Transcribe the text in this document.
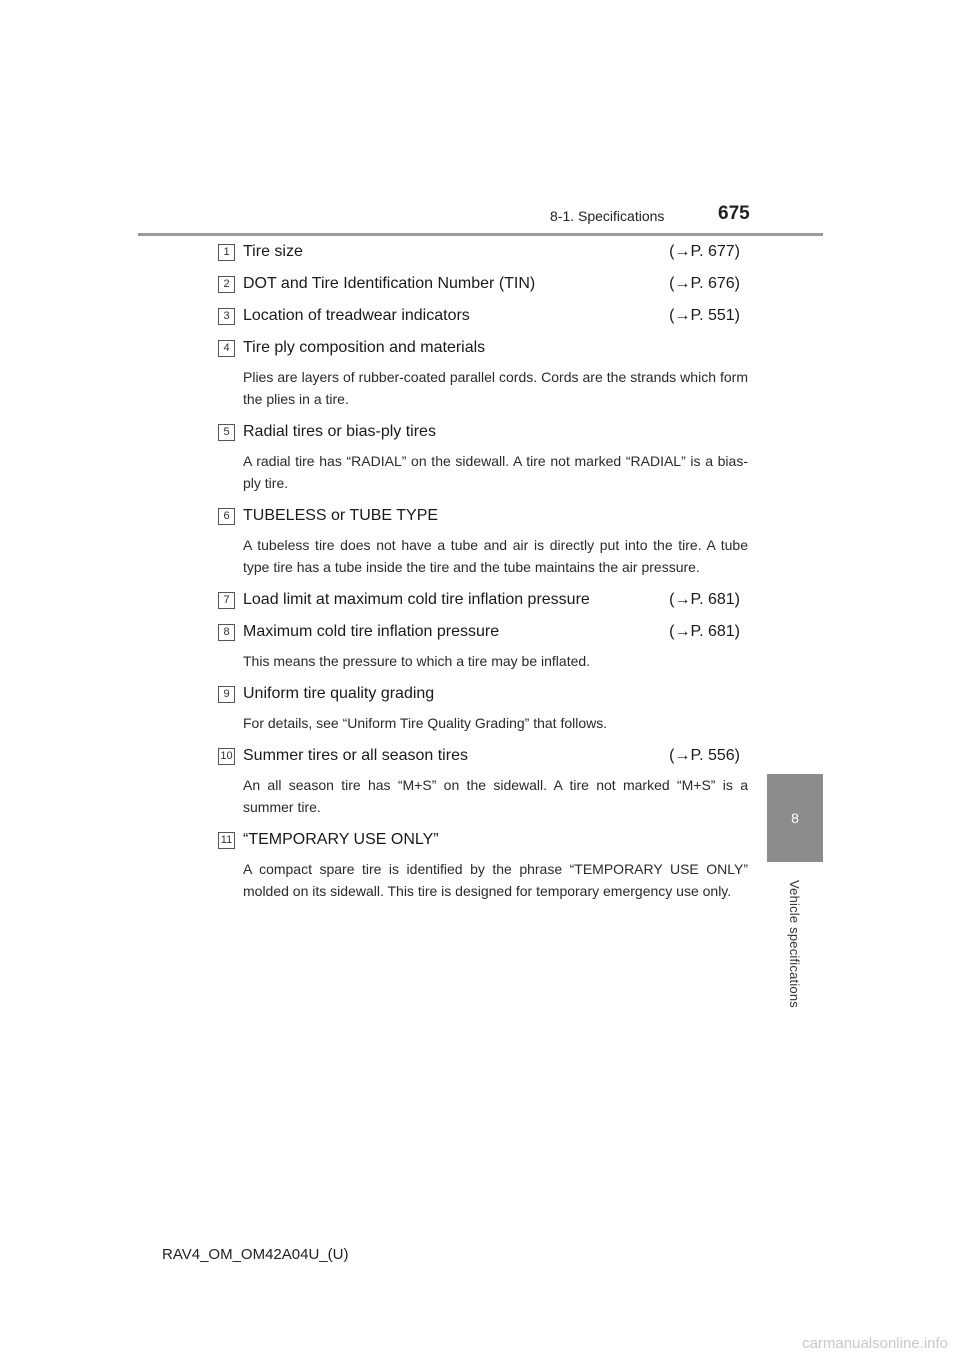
8-1. Specifications	675
8
Vehicle specifications
1 Tire size	(→P. 677)
2 DOT and Tire Identification Number (TIN)	(→P. 676)
3 Location of treadwear indicators	(→P. 551)
4 Tire ply composition and materials
Plies are layers of rubber-coated parallel cords. Cords are the strands which form the plies in a tire.
5 Radial tires or bias-ply tires
A radial tire has “RADIAL” on the sidewall. A tire not marked “RADIAL” is a bias-ply tire.
6 TUBELESS or TUBE TYPE
A tubeless tire does not have a tube and air is directly put into the tire. A tube type tire has a tube inside the tire and the tube maintains the air pressure.
7 Load limit at maximum cold tire inflation pressure	(→P. 681)
8 Maximum cold tire inflation pressure	(→P. 681)
This means the pressure to which a tire may be inflated.
9 Uniform tire quality grading
For details, see “Uniform Tire Quality Grading” that follows.
10 Summer tires or all season tires	(→P. 556)
An all season tire has “M+S” on the sidewall. A tire not marked “M+S” is a summer tire.
11 “TEMPORARY USE ONLY”
A compact spare tire is identified by the phrase “TEMPORARY USE ONLY” molded on its sidewall. This tire is designed for temporary emergency use only.
RAV4_OM_OM42A04U_(U)
carmanualsonline.info
